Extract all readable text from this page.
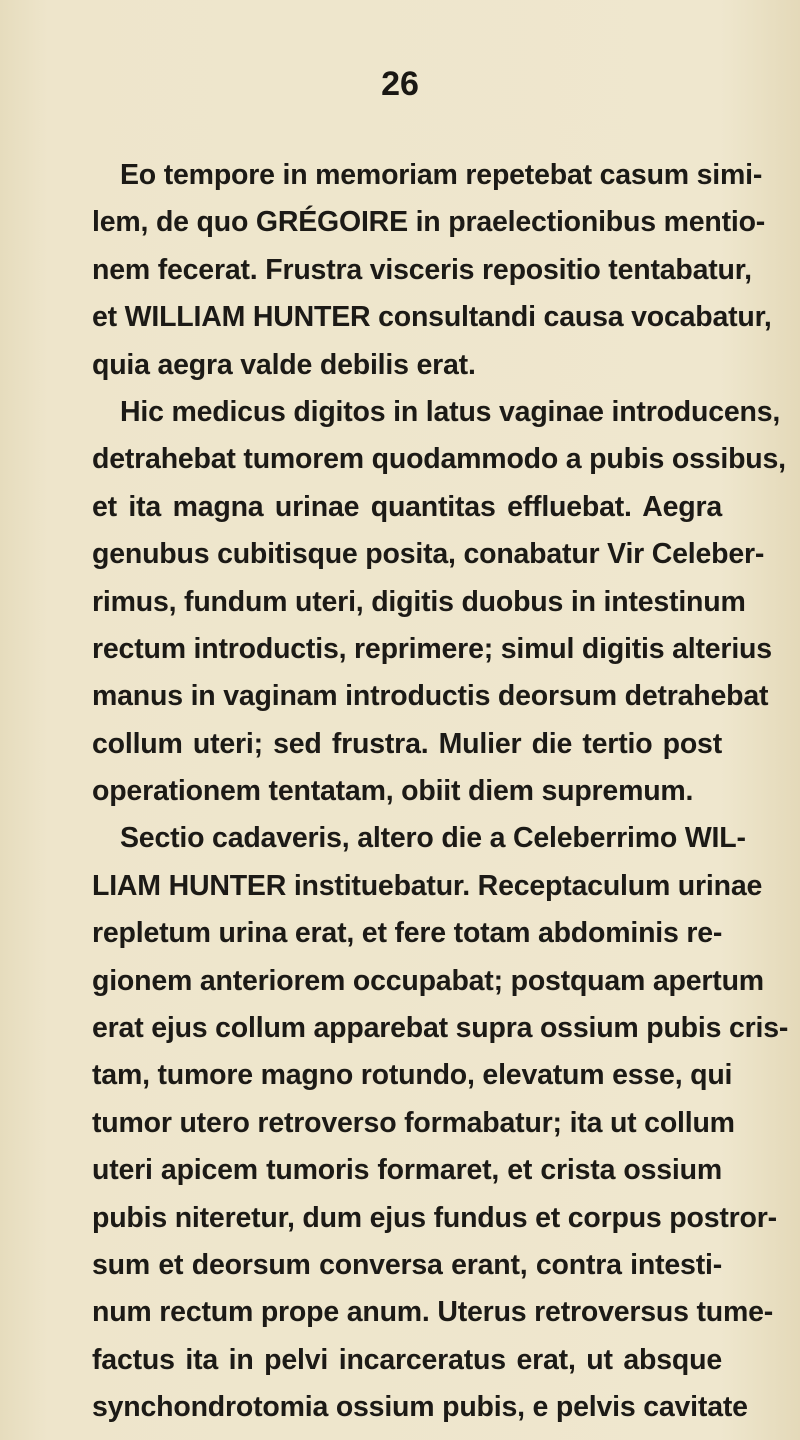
26
Eo tempore in memoriam repetebat casum simi-
lem, de quo GRÉGOIRE in praelectionibus mentio-
nem fecerat. Frustra visceris repositio tentabatur,
et WILLIAM HUNTER consultandi causa vocabatur,
quia aegra valde debilis erat.
Hic medicus digitos in latus vaginae introducens,
detrahebat tumorem quodammodo a pubis ossibus,
et ita magna urinae quantitas effluebat. Aegra
genubus cubitisque posita, conabatur Vir Celeber-
rimus, fundum uteri, digitis duobus in intestinum
rectum introductis, reprimere; simul digitis alterius
manus in vaginam introductis deorsum detrahebat
collum uteri; sed frustra. Mulier die tertio post
operationem tentatam, obiit diem supremum.
Sectio cadaveris, altero die a Celeberrimo WIL-
LIAM HUNTER instituebatur. Receptaculum urinae
repletum urina erat, et fere totam abdominis re-
gionem anteriorem occupabat; postquam apertum
erat ejus collum apparebat supra ossium pubis cris-
tam, tumore magno rotundo, elevatum esse, qui
tumor utero retroverso formabatur; ita ut collum
uteri apicem tumoris formaret, et crista ossium
pubis niteretur, dum ejus fundus et corpus postror-
sum et deorsum conversa erant, contra intesti-
num rectum prope anum. Uterus retroversus tume-
factus ita in pelvi incarceratus erat, ut absque
synchondrotomia ossium pubis, e pelvis cavitate
